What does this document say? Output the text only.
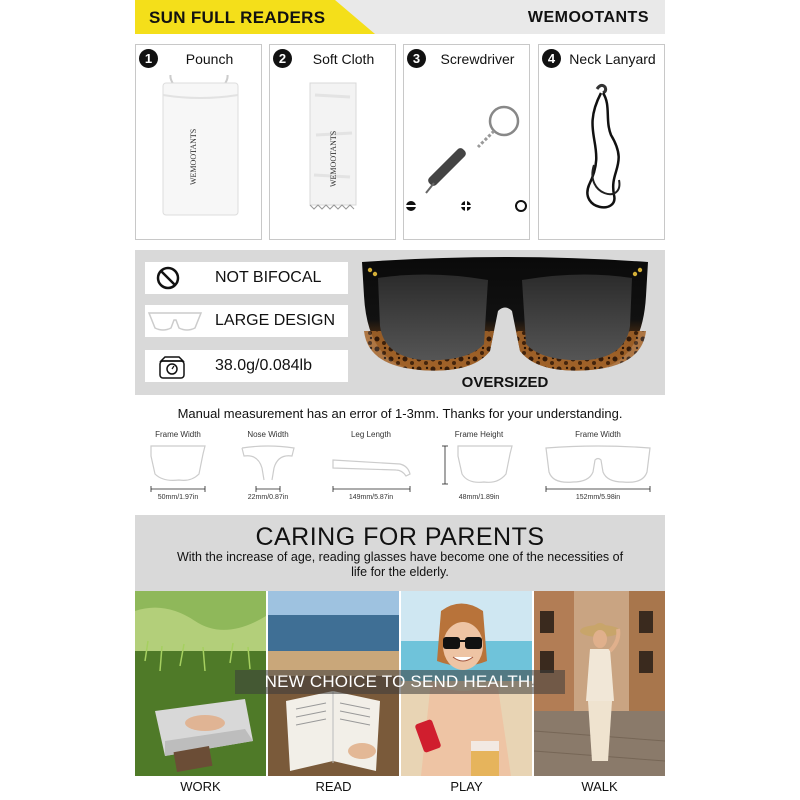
SUN FULL READERS	WEMOOTANTS
1	Pounch
WEMOOTANTS
2	Soft Cloth
WEMOOTANTS
3	Screwdriver	4	Neck Lanyard
NOT BIFOCAL
LARGE DESIGN
38.0g/0.084lb
OVERSIZED
Manual measurement has an error of 1-3mm. Thanks for your understanding.
Frame Width
50mm/1.97in
Nose Width
22mm/0.87in
Leg Length
149mm/5.87in
Frame Height
48mm/1.89in
Frame Width
152mm/5.98in
CARING FOR PARENTS
With the increase of age, reading glasses have become one of the necessities of life for the elderly.
NEW CHOICE TO SEND HEALTH!
WORK	READ	PLAY	WALK
